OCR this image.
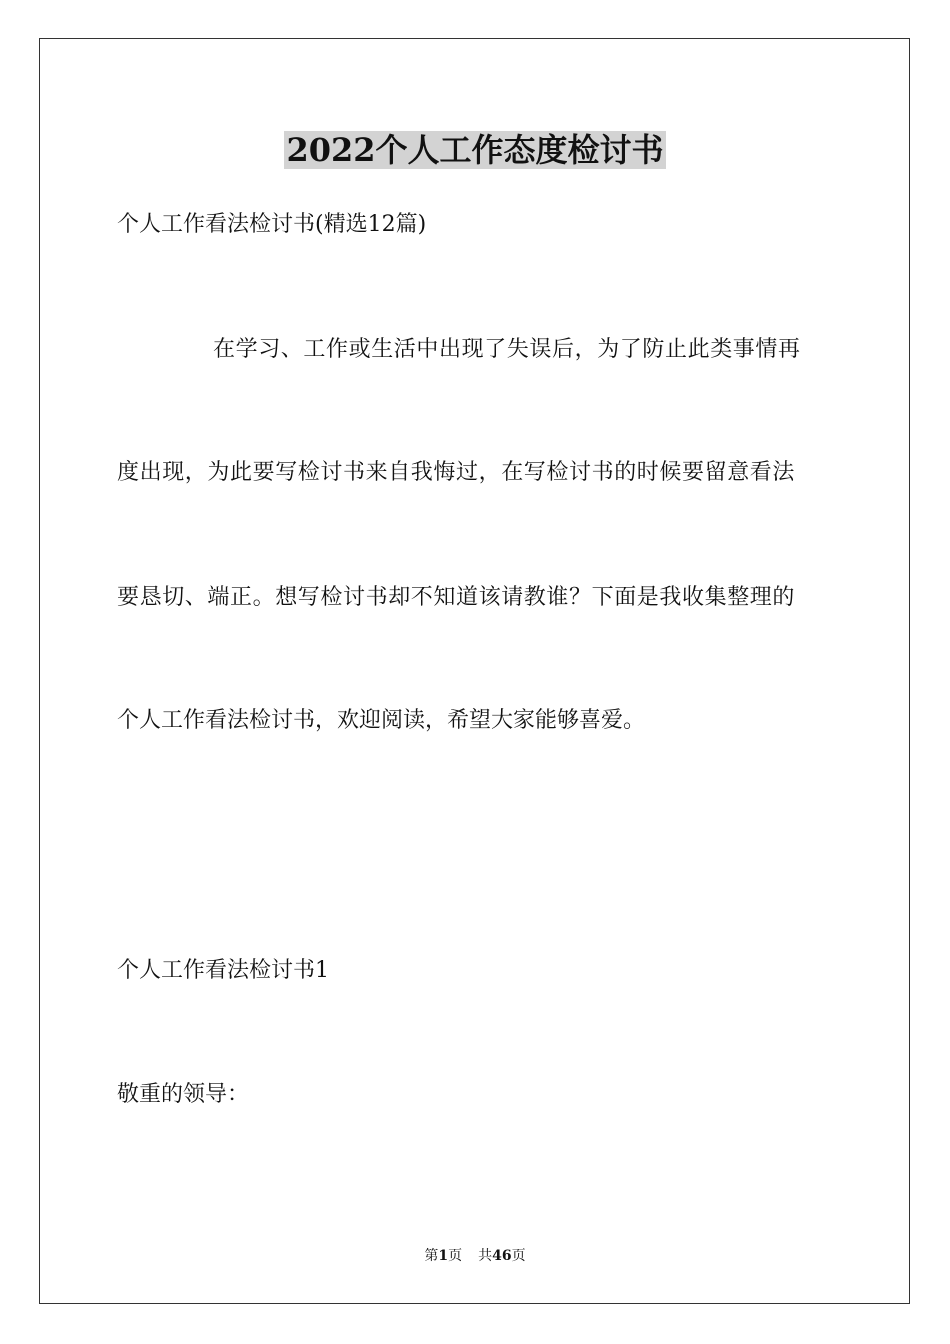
2022个人工作态度检讨书

个人工作看法检讨书(精选12篇)

在学习、工作或生活中出现了失误后，为了防止此类事情再

度出现，为此要写检讨书来自我悔过，在写检讨书的时候要留意看法

要恳切、端正。想写检讨书却不知道该请教谁？下面是我收集整理的

个人工作看法检讨书，欢迎阅读，希望大家能够喜爱。

个人工作看法检讨书1

敬重的领导：

第1页 共46页
